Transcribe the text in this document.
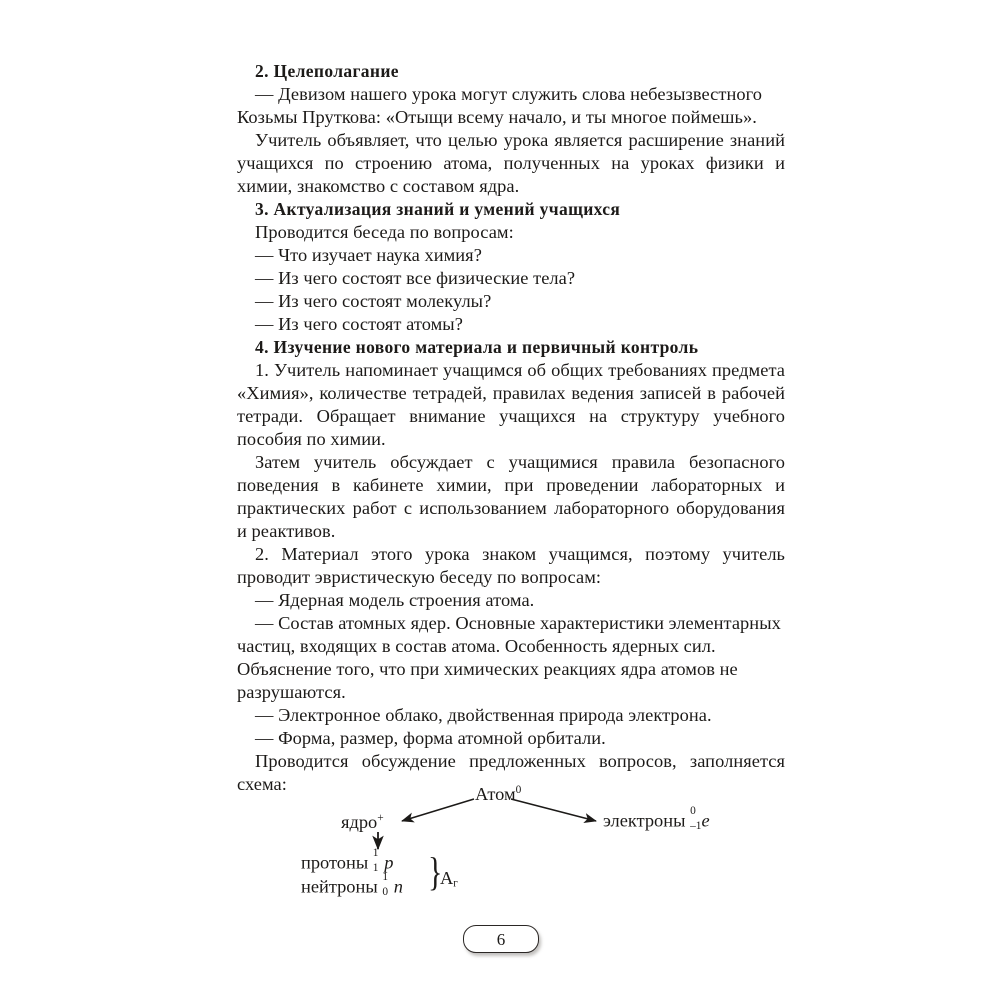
2. Целеполагание

— Девизом нашего урока могут служить слова небезызвестного Козьмы Пруткова: «Отыщи всему начало, и ты многое поймешь».

Учитель объявляет, что целью урока является расширение знаний учащихся по строению атома, полученных на уроках физики и химии, знакомство с составом ядра.

3. Актуализация знаний и умений учащихся

Проводится беседа по вопросам:

— Что изучает наука химия?

— Из чего состоят все физические тела?

— Из чего состоят молекулы?

— Из чего состоят атомы?

4. Изучение нового материала и первичный контроль

1. Учитель напоминает учащимся об общих требованиях предмета «Химия», количестве тетрадей, правилах ведения записей в рабочей тетради. Обращает внимание учащихся на структуру учебного пособия по химии.

Затем учитель обсуждает с учащимися правила безопасного поведения в кабинете химии, при проведении лабораторных и практических работ с использованием лабораторного оборудования и реактивов.

2. Материал этого урока знаком учащимся, поэтому учитель проводит эвристическую беседу по вопросам:

— Ядерная модель строения атома.

— Состав атомных ядер. Основные характеристики элементарных частиц, входящих в состав атома. Особенность ядерных сил. Объяснение того, что при химических реакциях ядра атомов не разрушаются.

— Электронное облако, двойственная природа электрона.

— Форма, размер, форма атомной орбитали.

Проводится обсуждение предложенных вопросов, заполняется схема:

Атом$^0$
ядро+	электроны 0
–1 e
протоны 1
1 p
нейтроны 1
0 n }
$A_г$
6
